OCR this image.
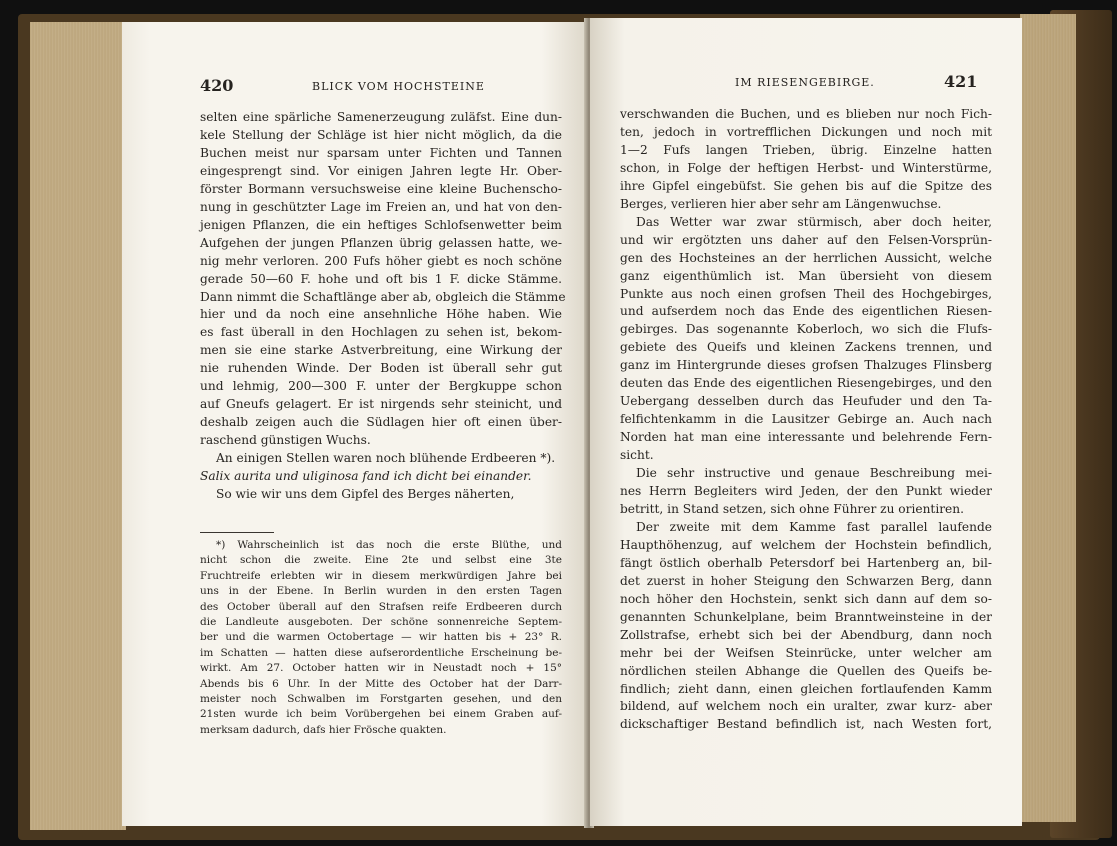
420	BLICK VOM HOCHSTEINE
selten eine spärliche Samenerzeugung zuläfst. Eine dun-
kele Stellung der Schläge ist hier nicht möglich, da die
Buchen meist nur sparsam unter Fichten und Tannen
eingesprengt sind. Vor einigen Jahren legte Hr. Ober-
förster Bormann versuchsweise eine kleine Buchenscho-
nung in geschützter Lage im Freien an, und hat von den-
jenigen Pflanzen, die ein heftiges Schlofsenwetter beim
Aufgehen der jungen Pflanzen übrig gelassen hatte, we-
nig mehr verloren. 200 Fufs höher giebt es noch schöne
gerade 50—60 F. hohe und oft bis 1 F. dicke Stämme.
Dann nimmt die Schaftlänge aber ab, obgleich die Stämme
hier und da noch eine ansehnliche Höhe haben. Wie
es fast überall in den Hochlagen zu sehen ist, bekom-
men sie eine starke Astverbreitung, eine Wirkung der
nie ruhenden Winde. Der Boden ist überall sehr gut
und lehmig, 200—300 F. unter der Bergkuppe schon
auf Gneufs gelagert. Er ist nirgends sehr steinicht, und
deshalb zeigen auch die Südlagen hier oft einen über-
raschend günstigen Wuchs.
An einigen Stellen waren noch blühende Erdbeeren *).
Salix aurita und uliginosa fand ich dicht bei einander.
So wie wir uns dem Gipfel des Berges näherten,
*) Wahrscheinlich ist das noch die erste Blüthe, und
nicht schon die zweite. Eine 2te und selbst eine 3te
Fruchtreife erlebten wir in diesem merkwürdigen Jahre bei
uns in der Ebene. In Berlin wurden in den ersten Tagen
des October überall auf den Strafsen reife Erdbeeren durch
die Landleute ausgeboten. Der schöne sonnenreiche Septem-
ber und die warmen Octobertage — wir hatten bis + 23° R.
im Schatten — hatten diese aufserordentliche Erscheinung be-
wirkt. Am 27. October hatten wir in Neustadt noch + 15°
Abends bis 6 Uhr. In der Mitte des October hat der Darr-
meister noch Schwalben im Forstgarten gesehen, und den
21sten wurde ich beim Vorübergehen bei einem Graben auf-
merksam dadurch, dafs hier Frösche quakten.
IM RIESENGEBIRGE.	421
verschwanden die Buchen, und es blieben nur noch Fich-
ten, jedoch in vortrefflichen Dickungen und noch mit
1—2 Fufs langen Trieben, übrig. Einzelne hatten
schon, in Folge der heftigen Herbst- und Winterstürme,
ihre Gipfel eingebüfst. Sie gehen bis auf die Spitze des
Berges, verlieren hier aber sehr am Längenwuchse.
Das Wetter war zwar stürmisch, aber doch heiter,
und wir ergötzten uns daher auf den Felsen-Vorsprün-
gen des Hochsteines an der herrlichen Aussicht, welche
ganz eigenthümlich ist. Man übersieht von diesem
Punkte aus noch einen grofsen Theil des Hochgebirges,
und aufserdem noch das Ende des eigentlichen Riesen-
gebirges. Das sogenannte Koberloch, wo sich die Flufs-
gebiete des Queifs und kleinen Zackens trennen, und
ganz im Hintergrunde dieses grofsen Thalzuges Flinsberg
deuten das Ende des eigentlichen Riesengebirges, und den
Uebergang desselben durch das Heufuder und den Ta-
felfichtenkamm in die Lausitzer Gebirge an. Auch nach
Norden hat man eine interessante und belehrende Fern-
sicht.
Die sehr instructive und genaue Beschreibung mei-
nes Herrn Begleiters wird Jeden, der den Punkt wieder
betritt, in Stand setzen, sich ohne Führer zu orientiren.
Der zweite mit dem Kamme fast parallel laufende
Haupthöhenzug, auf welchem der Hochstein befindlich,
fängt östlich oberhalb Petersdorf bei Hartenberg an, bil-
det zuerst in hoher Steigung den Schwarzen Berg, dann
noch höher den Hochstein, senkt sich dann auf dem so-
genannten Schunkelplane, beim Branntweinsteine in der
Zollstrafse, erhebt sich bei der Abendburg, dann noch
mehr bei der Weifsen Steinrücke, unter welcher am
nördlichen steilen Abhange die Quellen des Queifs be-
findlich; zieht dann, einen gleichen fortlaufenden Kamm
bildend, auf welchem noch ein uralter, zwar kurz- aber
dickschaftiger Bestand befindlich ist, nach Westen fort,
